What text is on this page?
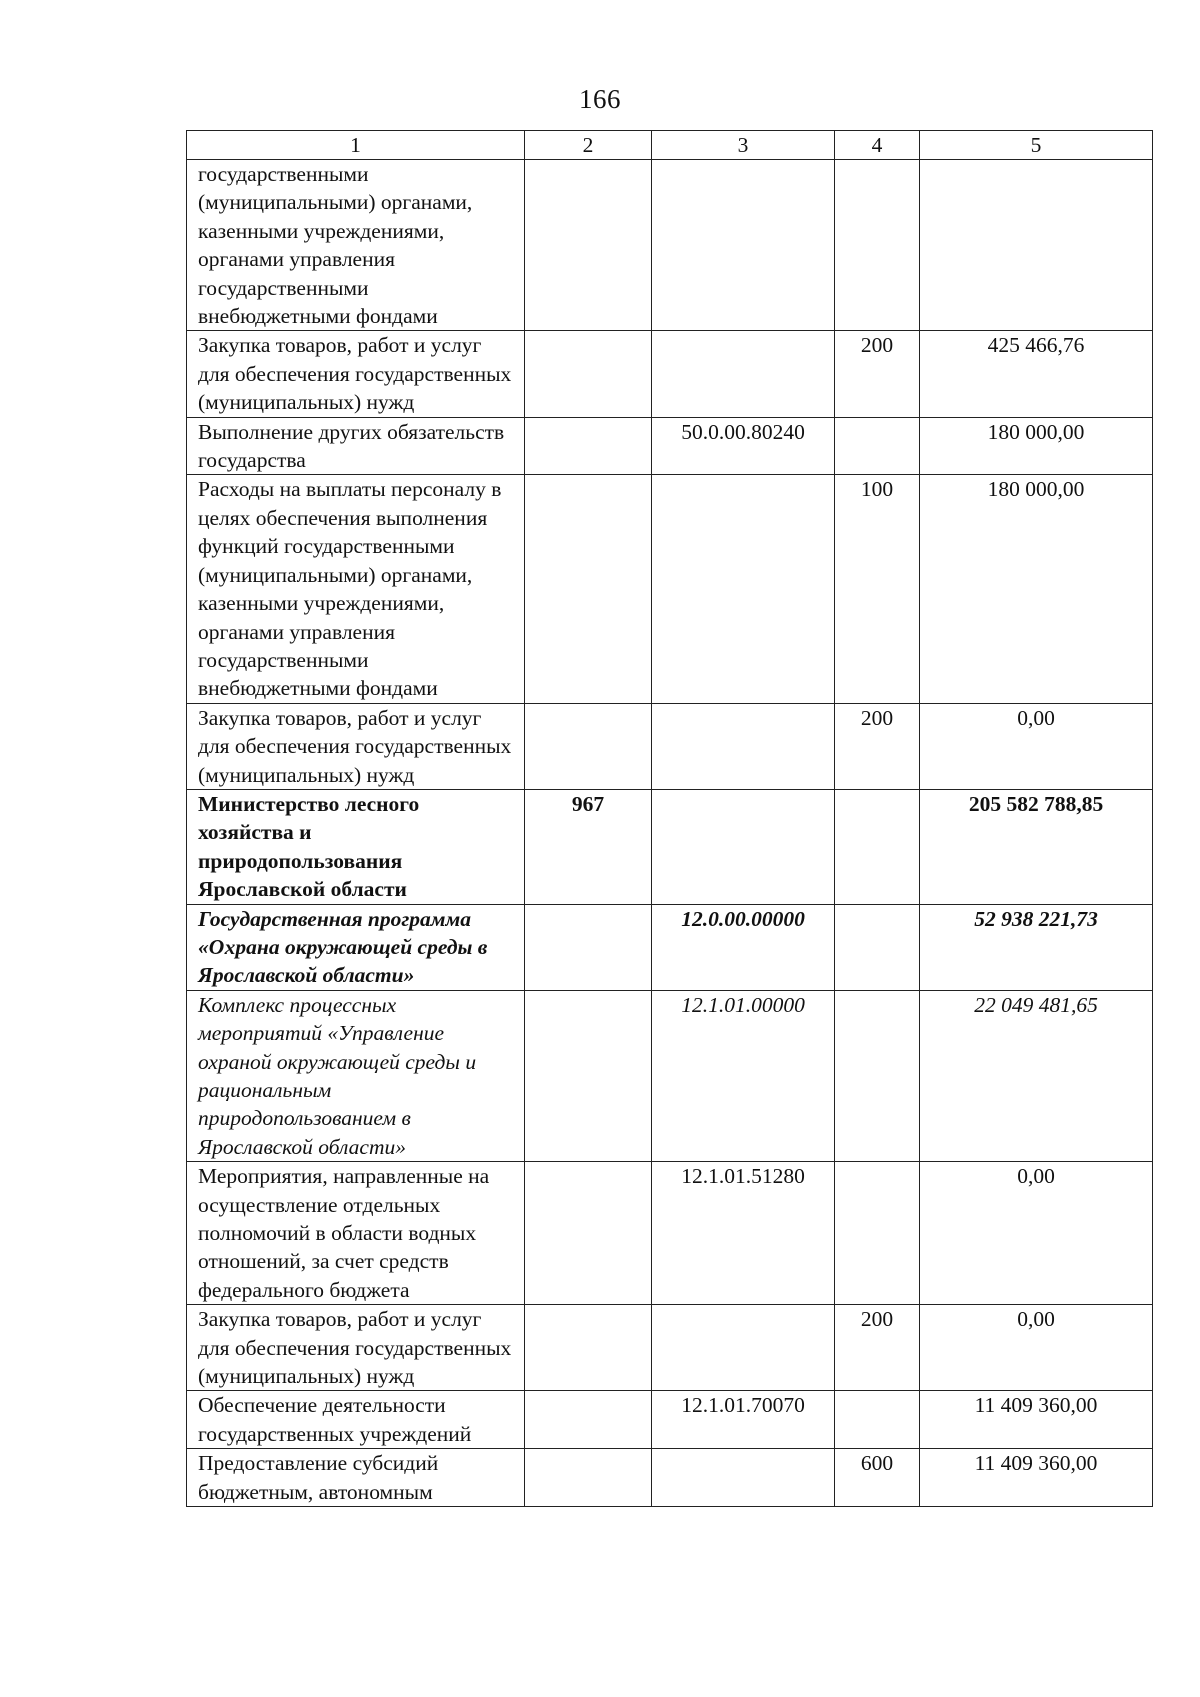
166
1	2	3	4	5
государственными (муниципальными) органами, казенными учреждениями, органами управления государственными внебюджетными фондами				
Закупка товаров, работ и услуг для обеспечения государственных (муниципальных) нужд			200	425 466,76
Выполнение других обязательств государства		50.0.00.80240		180 000,00
Расходы на выплаты персоналу в целях обеспечения выполнения функций государственными (муниципальными) органами, казенными учреждениями, органами управления государственными внебюджетными фондами			100	180 000,00
Закупка товаров, работ и услуг для обеспечения государственных (муниципальных) нужд			200	0,00
Министерство лесного хозяйства и природопользования Ярославской области	967			205 582 788,85
Государственная программа «Охрана окружающей среды в Ярославской области»		12.0.00.00000		52 938 221,73
Комплекс процессных мероприятий «Управление охраной окружающей среды и рациональным природопользованием в Ярославской области»		12.1.01.00000		22 049 481,65
Мероприятия, направленные на осуществление отдельных полномочий в области водных отношений, за счет средств федерального бюджета		12.1.01.51280		0,00
Закупка товаров, работ и услуг для обеспечения государственных (муниципальных) нужд			200	0,00
Обеспечение деятельности государственных учреждений		12.1.01.70070		11 409 360,00
Предоставление субсидий бюджетным, автономным			600	11 409 360,00
